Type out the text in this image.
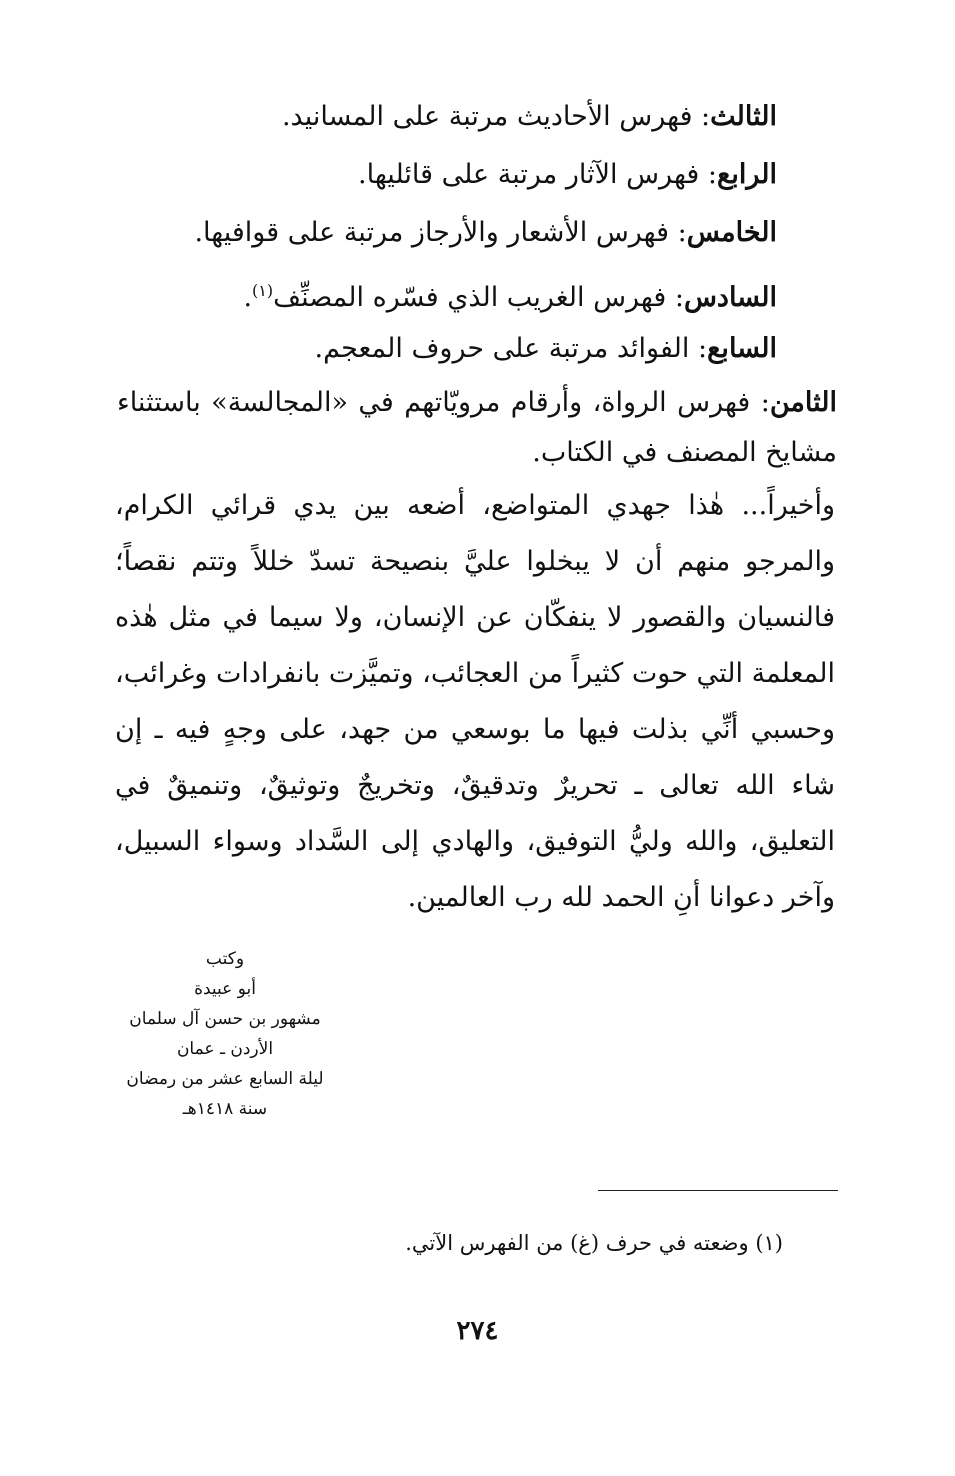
الثالث: فهرس الأحاديث مرتبة على المسانيد.
الرابع: فهرس الآثار مرتبة على قائليها.
الخامس: فهرس الأشعار والأرجاز مرتبة على قوافيها.
السادس: فهرس الغريب الذي فسّره المصنِّف$^{(١)}$.
السابع: الفوائد مرتبة على حروف المعجم.
الثامن: فهرس الرواة، وأرقام مرويّاتهم في «المجالسة» باستثناء مشايخ المصنف في الكتاب.

وأخيراً... هٰذا جهدي المتواضع، أضعه بين يدي قرائي الكرام، والمرجو منهم أن لا يبخلوا عليَّ بنصيحة تسدّ خللاً وتتم نقصاً؛ فالنسيان والقصور لا ينفكّان عن الإنسان، ولا سيما في مثل هٰذه المعلمة التي حوت كثيراً من العجائب، وتميَّزت بانفرادات وغرائب، وحسبي أنِّي بذلت فيها ما بوسعي من جهد، على وجهٍ فيه ـ إن شاء الله تعالى ـ تحريرٌ وتدقيقٌ، وتخريجٌ وتوثيقٌ، وتنميقٌ في التعليق، والله وليُّ التوفيق، والهادي إلى السَّداد وسواء السبيل، وآخر دعوانا أنِ الحمد لله رب العالمين.

وكتب
أبو عبيدة
مشهور بن حسن آل سلمان
الأردن ـ عمان
ليلة السابع عشر من رمضان
سنة ١٤١٨هـ
(١) وضعته في حرف (غ) من الفهرس الآتي.
٢٧٤
